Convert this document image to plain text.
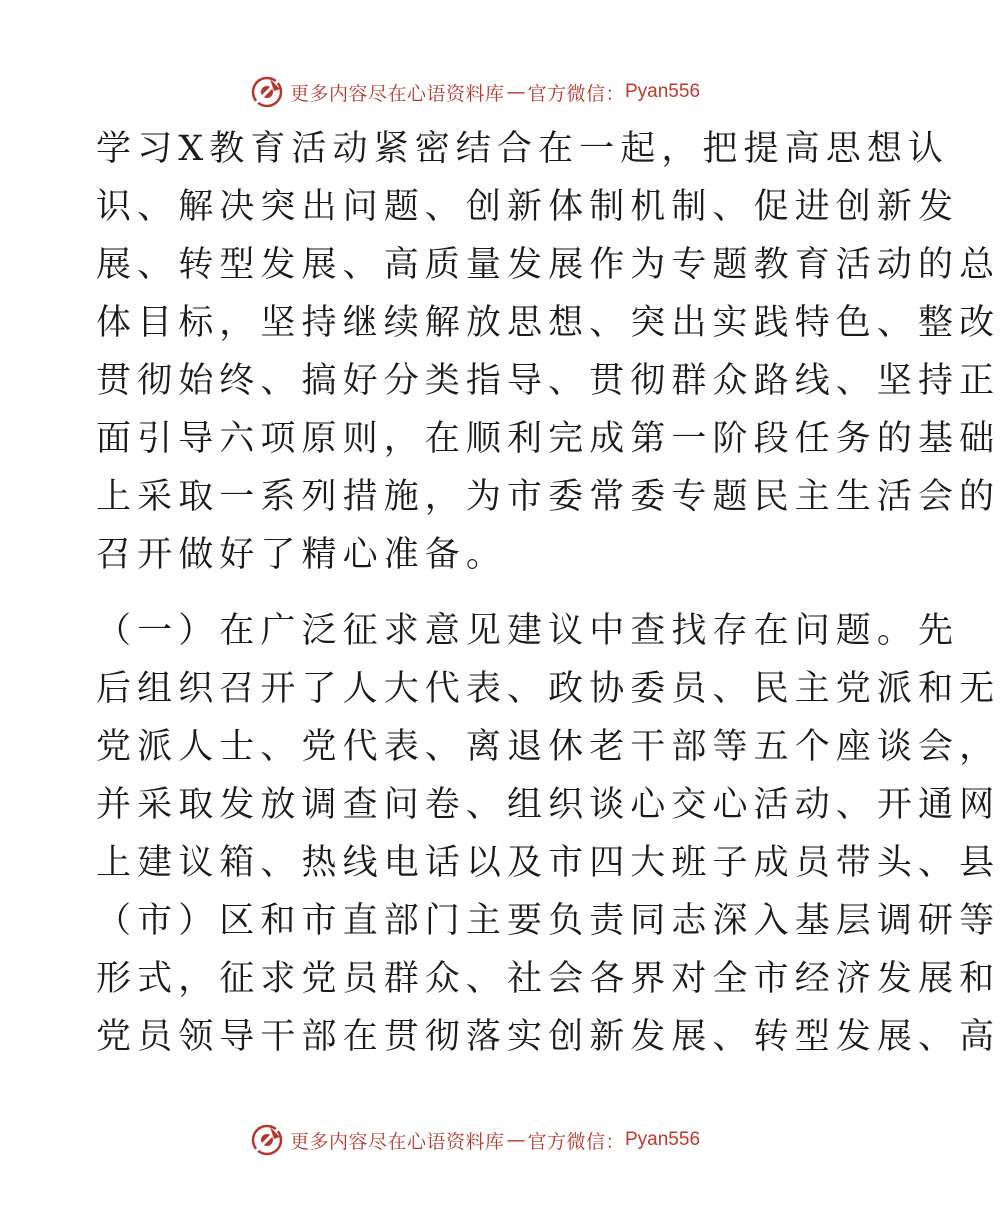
更多内容尽在心语资料库 — 官方微信： Pyan556
学习X教育活动紧密结合在一起，把提高思想认
识、解决突出问题、创新体制机制、促进创新发
展、转型发展、高质量发展作为专题教育活动的总
体目标，坚持继续解放思想、突出实践特色、整改
贯彻始终、搞好分类指导、贯彻群众路线、坚持正
面引导六项原则，在顺利完成第一阶段任务的基础
上采取一系列措施，为市委常委专题民主生活会的
召开做好了精心准备。
（一）在广泛征求意见建议中查找存在问题。先
后组织召开了人大代表、政协委员、民主党派和无
党派人士、党代表、离退休老干部等五个座谈会，
并采取发放调查问卷、组织谈心交心活动、开通网
上建议箱、热线电话以及市四大班子成员带头、县
（市）区和市直部门主要负责同志深入基层调研等
形式，征求党员群众、社会各界对全市经济发展和
党员领导干部在贯彻落实创新发展、转型发展、高
更多内容尽在心语资料库 — 官方微信： Pyan556
